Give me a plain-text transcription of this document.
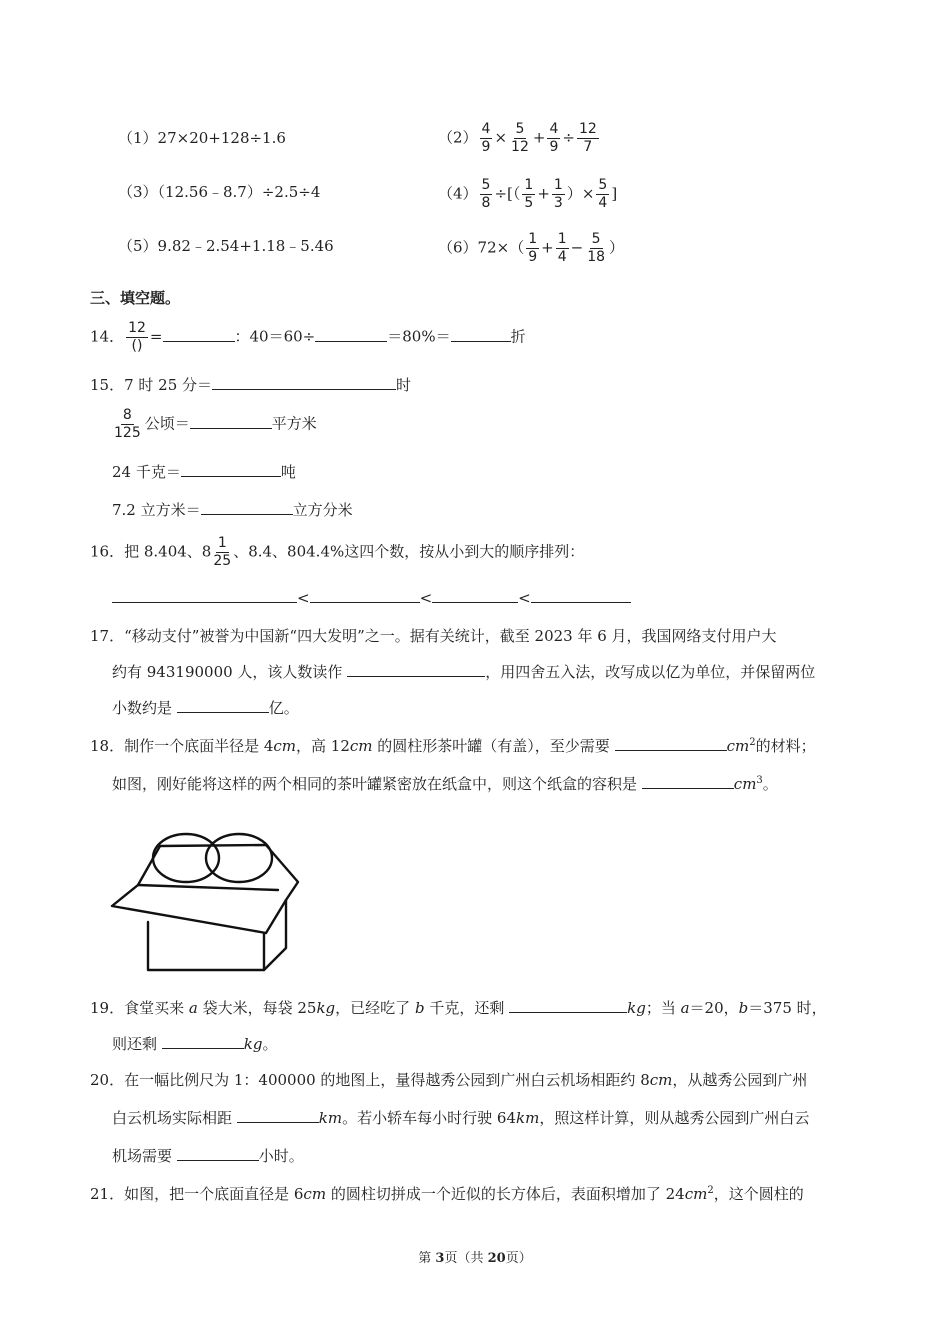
（1）27×20+128÷1.6	$(2) \frac{4}{9} \times \frac{5}{12} + \frac{4}{9} \div \frac{12}{7}$
（3）（12.56﹣8.7）÷2.5÷4	$(4) \frac{5}{8}$ ÷[（ $\frac{1}{5} + \frac{1}{3}$ ）× $\frac{5}{4}$ ]
（5）9.82﹣2.54+1.18﹣5.46	$(6)72\times( \frac{1}{9} + \frac{1}{4} - \frac{5}{18}$ ）
三、填空题。
14． $\frac{12}{()}$ =	：40＝60÷	＝80%＝	折
15．7 时 25 分＝	时
$\frac{8}{125}$ 公顷＝	平方米
24 千克＝	吨
7.2 立方米＝	立方分米
16．把 8.404、$8 \frac{1}{25}$ 、8.4、804.4%这四个数，按从小到大的顺序排列：
<	<	<
17．“移动支付”被誉为中国新“四大发明”之一。据有关统计，截至 2023 年 6 月，我国网络支付用户大
约有 943190000 人，该人数读作	，用四舍五入法，改写成以亿为单位，并保留两位
小数约是	亿。
18．制作一个底面半径是 4cm，高 12cm 的圆柱形茶叶罐（有盖），至少需要	$cm^2$的材料；
如图，刚好能将这样的两个相同的茶叶罐紧密放在纸盒中，则这个纸盒的容积是	$cm^3$。
19．食堂买来 a 袋大米，每袋 25kg，已经吃了 b 千克，还剩	kg；当 a＝20，b＝375 时，
则还剩	kg。
20．在一幅比例尺为 1：400000 的地图上，量得越秀公园到广州白云机场相距约 8cm，从越秀公园到广州
白云机场实际相距	km。若小轿车每小时行驶 64km，照这样计算，则从越秀公园到广州白云
机场需要	小时。
21．如图，把一个底面直径是 6cm 的圆柱切拼成一个近似的长方体后，表面积增加了 $24cm^2$，这个圆柱的
第 3页（共 20页）
